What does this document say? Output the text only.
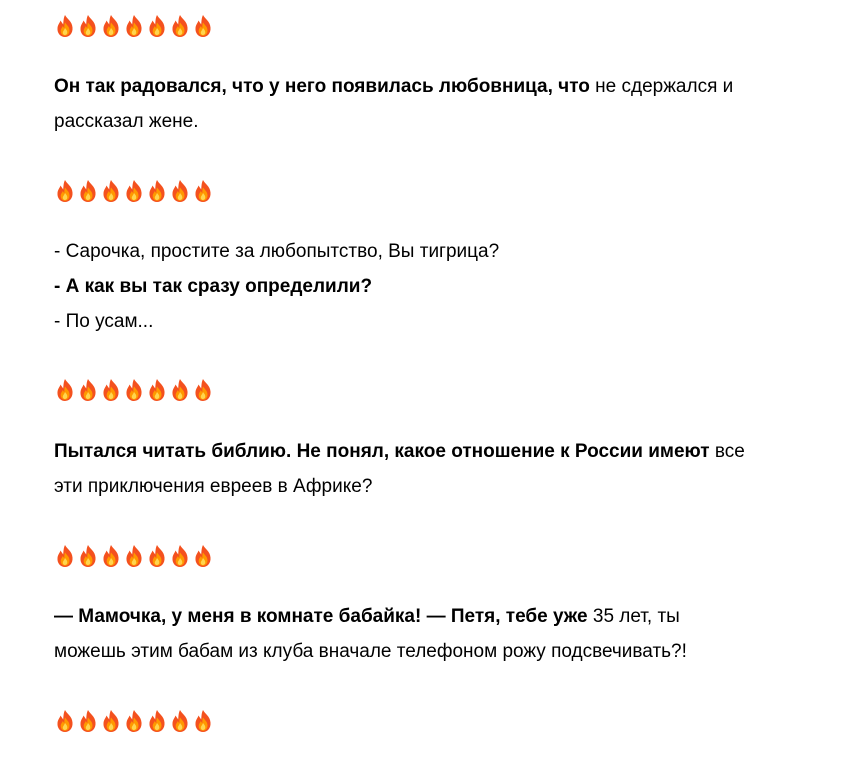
Он так радовался, что у него появилась любовница, что не сдержался и
рассказал жене.
- Сарочка, простите за любопытство, Вы тигрица?
- А как вы так сразу определили?
- По усам...
Пытался читать библию. Не понял, какое отношение к России имеют все
эти приключения евреев в Африке?
— Мамочка, у меня в комнате бабайка! — Петя, тебе уже 35 лет, ты
можешь этим бабам из клуба вначале телефоном рожу подсвечивать?!
